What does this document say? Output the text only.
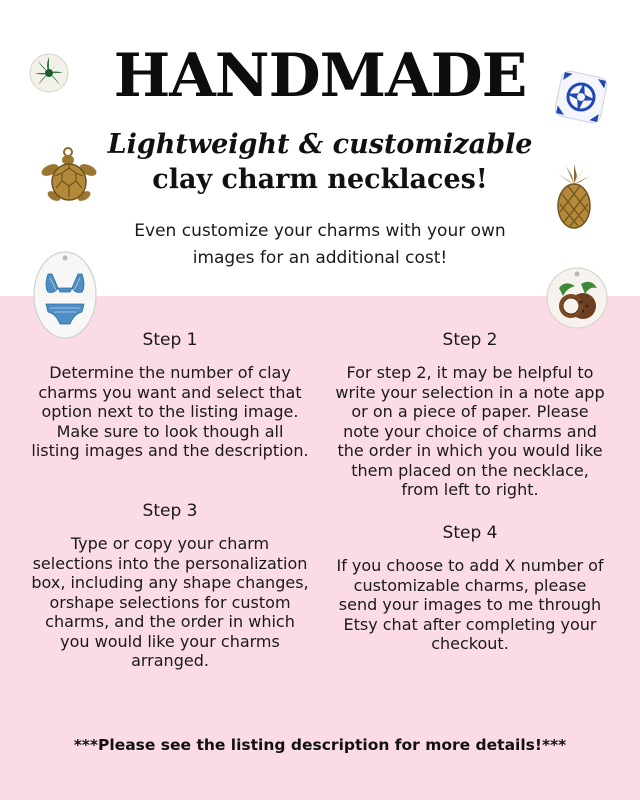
HANDMADE
Lightweight & customizable
clay charm necklaces!
Even customize your charms with your own images for an additional cost!
Step 1
Determine the number of clay charms you want and select that option next to the listing image. Make sure to look though all listing images and the description.
Step 2
For step 2, it may be helpful to write your selection in a note app or on a piece of paper. Please note your choice of charms and the order in which you would like them placed on the necklace, from left to right.
Step 3
Type or copy your charm selections into the personalization box, including any shape changes, orshape selections for custom charms, and the order in which you would like your charms arranged.
Step 4
If you choose to add X number of customizable charms, please send your images to me through Etsy chat after completing your checkout.
***Please see the listing description for more details!***
